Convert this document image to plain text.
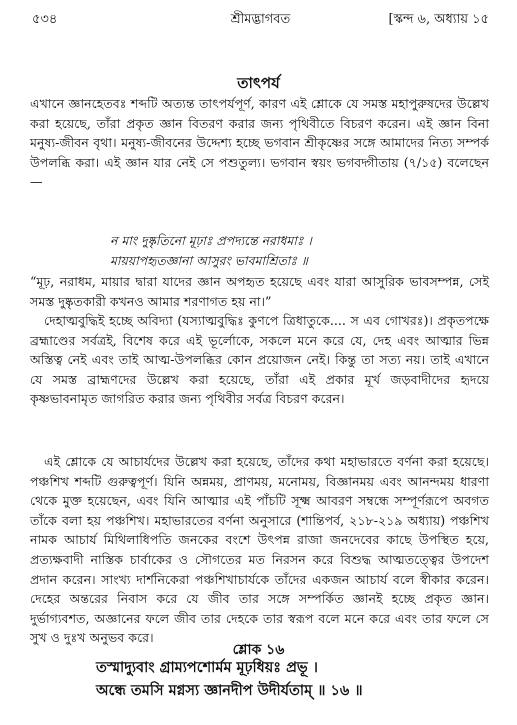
৫৩৪	শ্রীমদ্ভাগবত	[স্কন্দ ৬, অধ্যায় ১৫
তাৎপর্য
এখানে জ্ঞানহেতবঃ শব্দটি অত্যন্ত তাৎপর্যপূর্ণ, কারণ এই শ্লোকে যে সমস্ত মহাপুরুষদের উল্লেখ করা হয়েছে, তাঁরা প্রকৃত জ্ঞান বিতরণ করার জন্য পৃথিবীতে বিচরণ করেন। এই জ্ঞান বিনা মনুষ্য-জীবন বৃথা। মনুষ্য-জীবনের উদ্দেশ্য হচ্ছে ভগবান শ্রীকৃষ্ণের সঙ্গে আমাদের নিত্য সম্পর্ক উপলব্ধি করা। এই জ্ঞান যার নেই সে পশুতুল্য। ভগবান স্বয়ং ভগবদ্গীতায় (৭/১৫) বলেছেন—
ন মাং দুষ্কৃতিনো মূঢ়াঃ প্রপদ্যন্তে নরাধমাঃ ।
মায়য়াপহৃতজ্ঞানা আসুরং ভাবমাশ্রিতাঃ ॥
“মূঢ়, নরাধম, মায়ার দ্বারা যাদের জ্ঞান অপহৃত হয়েছে এবং যারা আসুরিক ভাবসম্পন্ন, সেই সমস্ত দুষ্কৃতকারী কখনও আমার শরণাগত হয় না।”
দেহাত্মবুদ্ধিই হচ্ছে অবিদ্যা (যস্যাত্মবুদ্ধিঃ কুণপে ত্রিধাতুকে.... স এব গোখরঃ)। প্রকৃতপক্ষে ব্রহ্মাণ্ডের সর্বত্রই, বিশেষ করে এই ভূর্লোকে, সকলে মনে করে যে, দেহ এবং আত্মার ভিন্ন অস্তিত্ব নেই এবং তাই আত্ম-উপলব্ধির কোন প্রয়োজন নেই। কিন্তু তা সত্য নয়। তাই এখানে যে সমস্ত ব্রাহ্মণদের উল্লেখ করা হয়েছে, তাঁরা এই প্রকার মূর্খ জড়বাদীদের হৃদয়ে কৃষ্ণভাবনামৃত জাগরিত করার জন্য পৃথিবীর সর্বত্র বিচরণ করেন।
এই শ্লোকে যে আচার্যদের উল্লেখ করা হয়েছে, তাঁদের কথা মহাভারতে বর্ণনা করা হয়েছে। পঞ্চশিখ শব্দটি গুরুত্বপূর্ণ। যিনি অন্নময়, প্রাণময়, মনোময়, বিজ্ঞানময় এবং আনন্দময় ধারণা থেকে মুক্ত হয়েছেন, এবং যিনি আত্মার এই পাঁচটি সূক্ষ্ম আবরণ সম্বন্ধে সম্পূর্ণরূপে অবগত তাঁকে বলা হয় পঞ্চশিখ। মহাভারতের বর্ণনা অনুসারে (শান্তিপর্ব, ২১৮-২১৯ অধ্যায়) পঞ্চশিখ নামক আচার্য মিথিলাধিপতি জনকের বংশে উৎপন্ন রাজা জনদেবের কাছে উপস্থিত হয়ে, প্রত্যক্ষবাদী নাস্তিক চার্বাকের ও সৌগতের মত নিরসন করে বিশুদ্ধ আত্মতত্ত্বের উপদেশ প্রদান করেন। সাংখ্য দার্শনিকেরা পঞ্চশিখাচার্যকে তাঁদের একজন আচার্য বলে স্বীকার করেন। দেহের অন্তরের নিবাস করে যে জীব তার সঙ্গে সম্পর্কিত জ্ঞানই হচ্ছে প্রকৃত জ্ঞান। দুর্ভাগ্যবশত, অজ্ঞানের ফলে জীব তার দেহকে তার স্বরূপ বলে মনে করে এবং তার ফলে সে সুখ ও দুঃখ অনুভব করে।
শ্লোক ১৬
তস্মাদ্যুবাং গ্রাম্যপশোর্মম মূঢ়ধিয়ঃ প্রভূ ।
অন্ধে তমসি মগ্নস্য জ্ঞানদীপ উদীর্যতাম্ ॥ ১৬ ॥
